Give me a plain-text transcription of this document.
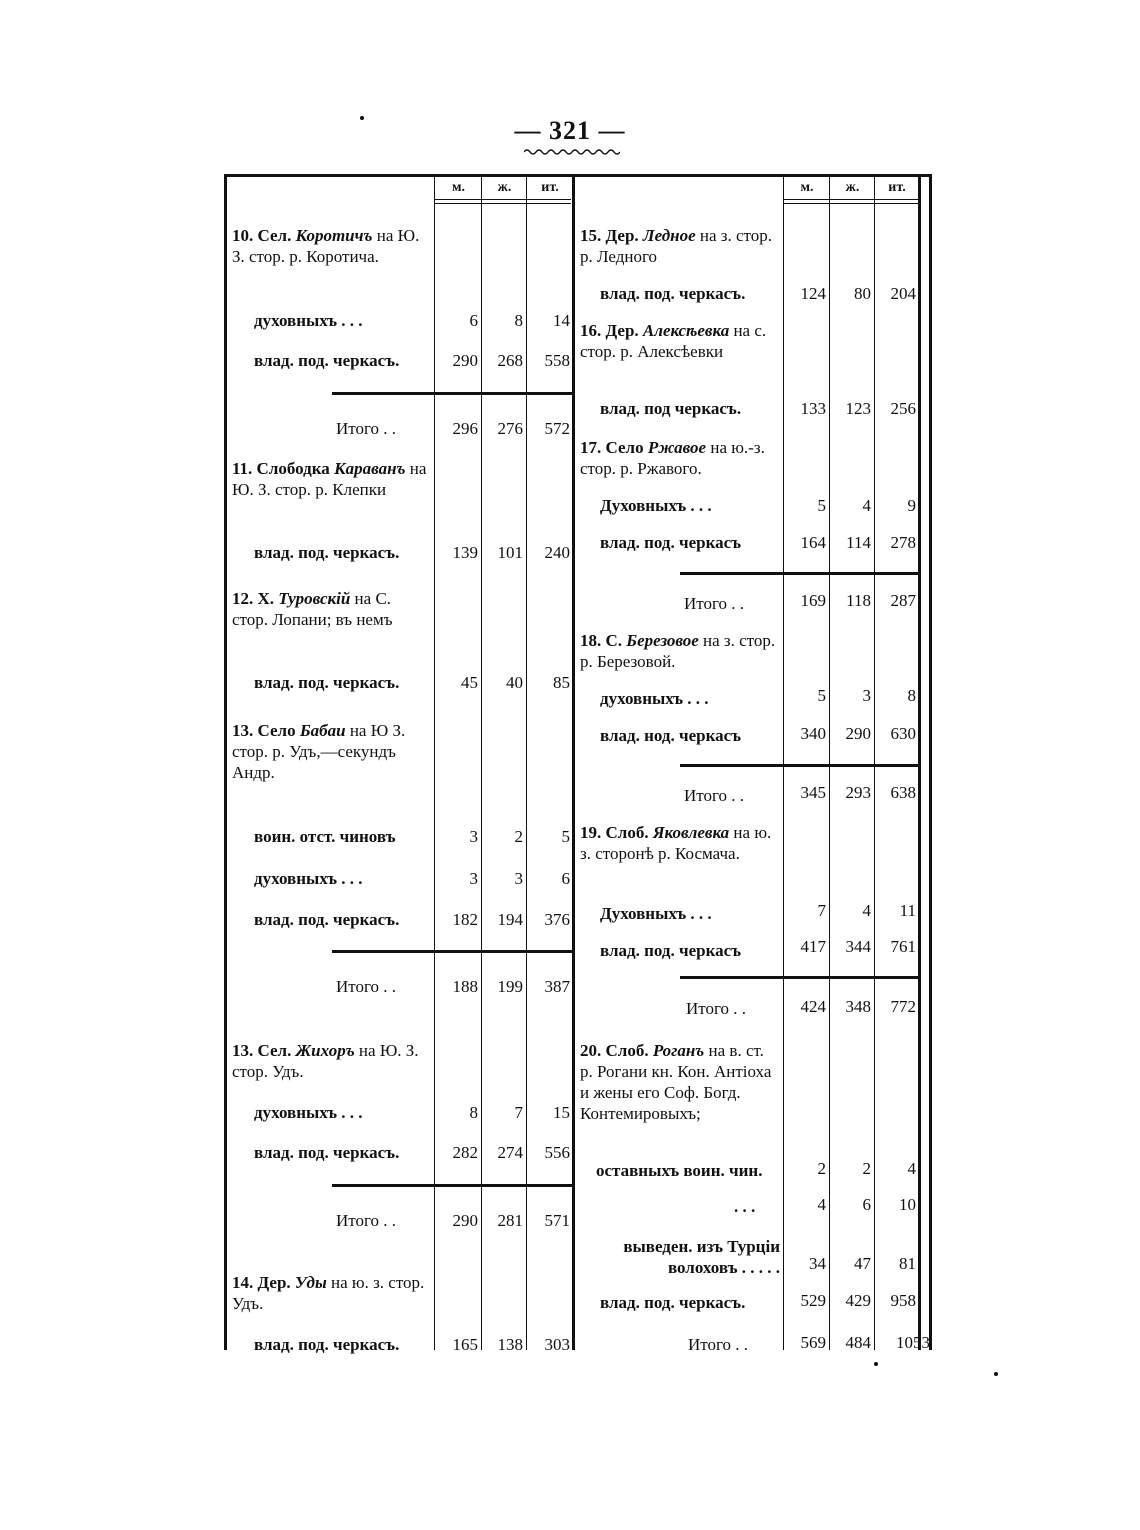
— 321 —
м.	ж.	ит.	м.	ж.	ит.
10. Сел. Коротичъ на Ю. З. стор. р. Коротича.
духовныхъ . . .	6	8	14
влад. под. черкасъ.	290	268	558
Итого . .	296	276	572
11. Слободка Караванъ на Ю. З. стор. р. Клепки
влад. под. черкасъ.	139	101	240
12. Х. Туровскій на С. стор. Лопани; въ немъ
влад. под. черкасъ.	45	40	85
13. Село Бабаи на Ю З. стор. р. Удъ,—секундъ Андр.
воин. отст. чиновъ	3	2	5
духовныхъ . . .	3	3	6
влад. под. черкасъ.	182	194	376
Итого . .	188	199	387
13. Сел. Жихоръ на Ю. З. стор. Удъ.
духовныхъ . . .	8	7	15
влад. под. черкасъ.	282	274	556
Итого . .	290	281	571
14. Дер. Уды на ю. з. стор. Удъ.
влад. под. черкасъ.	165	138	303
15. Дер. Ледное на з. стор. р. Ледного
влад. под. черкасъ.	124	80	204
16. Дер. Алексѣевка на с. стор. р. Алексѣевки
влад. под черкасъ.	133	123	256
17. Село Ржавое на ю.-з. стор. р. Ржавого.
Духовныхъ . . .	5	4	9
влад. под. черкасъ	164	114	278
Итого . .	169	118	287
18. С. Березовое на з. стор. р. Березовой.
духовныхъ . . .	5	3	8
влад. нод. черкасъ	340	290	630
Итого . .	345	293	638
19. Слоб. Яковлевка на ю. з. сторонѣ р. Космача.
Духовныхъ . . .	7	4	11
влад. под. черкасъ	417	344	761
Итого . .	424	348	772
20. Слоб. Роганъ на в. ст. р. Рогани кн. Кон. Антіоха и жены его Соф. Богд. Контемировыхъ;
оставныхъ воин. чин.	2	2	4
. . .	4	6	10
выведен. изъ Турціи волоховъ . . . . .	34	47	81
влад. под. черкасъ.	529	429	958
Итого . .	569	484	1053
